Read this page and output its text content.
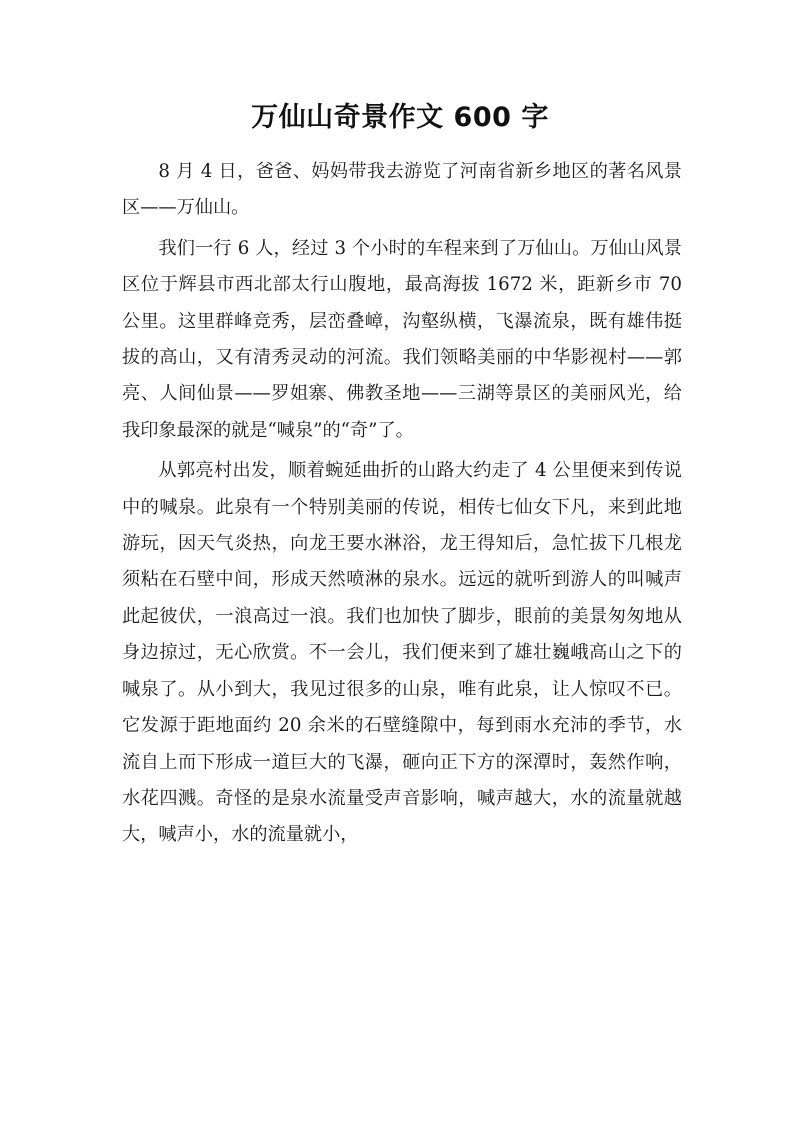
万仙山奇景作文 600 字

8 月 4 日，爸爸、妈妈带我去游览了河南省新乡地区的著名风景区——万仙山。

我们一行 6 人，经过 3 个小时的车程来到了万仙山。万仙山风景区位于辉县市西北部太行山腹地，最高海拔 1672 米，距新乡市 70 公里。这里群峰竞秀，层峦叠嶂，沟壑纵横，飞瀑流泉，既有雄伟挺拔的高山，又有清秀灵动的河流。我们领略美丽的中华影视村——郭亮、人间仙景——罗姐寨、佛教圣地——三湖等景区的美丽风光，给我印象最深的就是“喊泉”的“奇”了。

从郭亮村出发，顺着蜿延曲折的山路大约走了 4 公里便来到传说中的喊泉。此泉有一个特别美丽的传说，相传七仙女下凡，来到此地游玩，因天气炎热，向龙王要水淋浴，龙王得知后，急忙拔下几根龙须粘在石壁中间，形成天然喷淋的泉水。远远的就听到游人的叫喊声此起彼伏，一浪高过一浪。我们也加快了脚步，眼前的美景匆匆地从身边掠过，无心欣赏。不一会儿，我们便来到了雄壮巍峨高山之下的喊泉了。从小到大，我见过很多的山泉，唯有此泉，让人惊叹不已。它发源于距地面约 20 余米的石壁缝隙中，每到雨水充沛的季节，水流自上而下形成一道巨大的飞瀑，砸向正下方的深潭时，轰然作响，水花四溅。奇怪的是泉水流量受声音影响，喊声越大，水的流量就越大，喊声小，水的流量就小，
